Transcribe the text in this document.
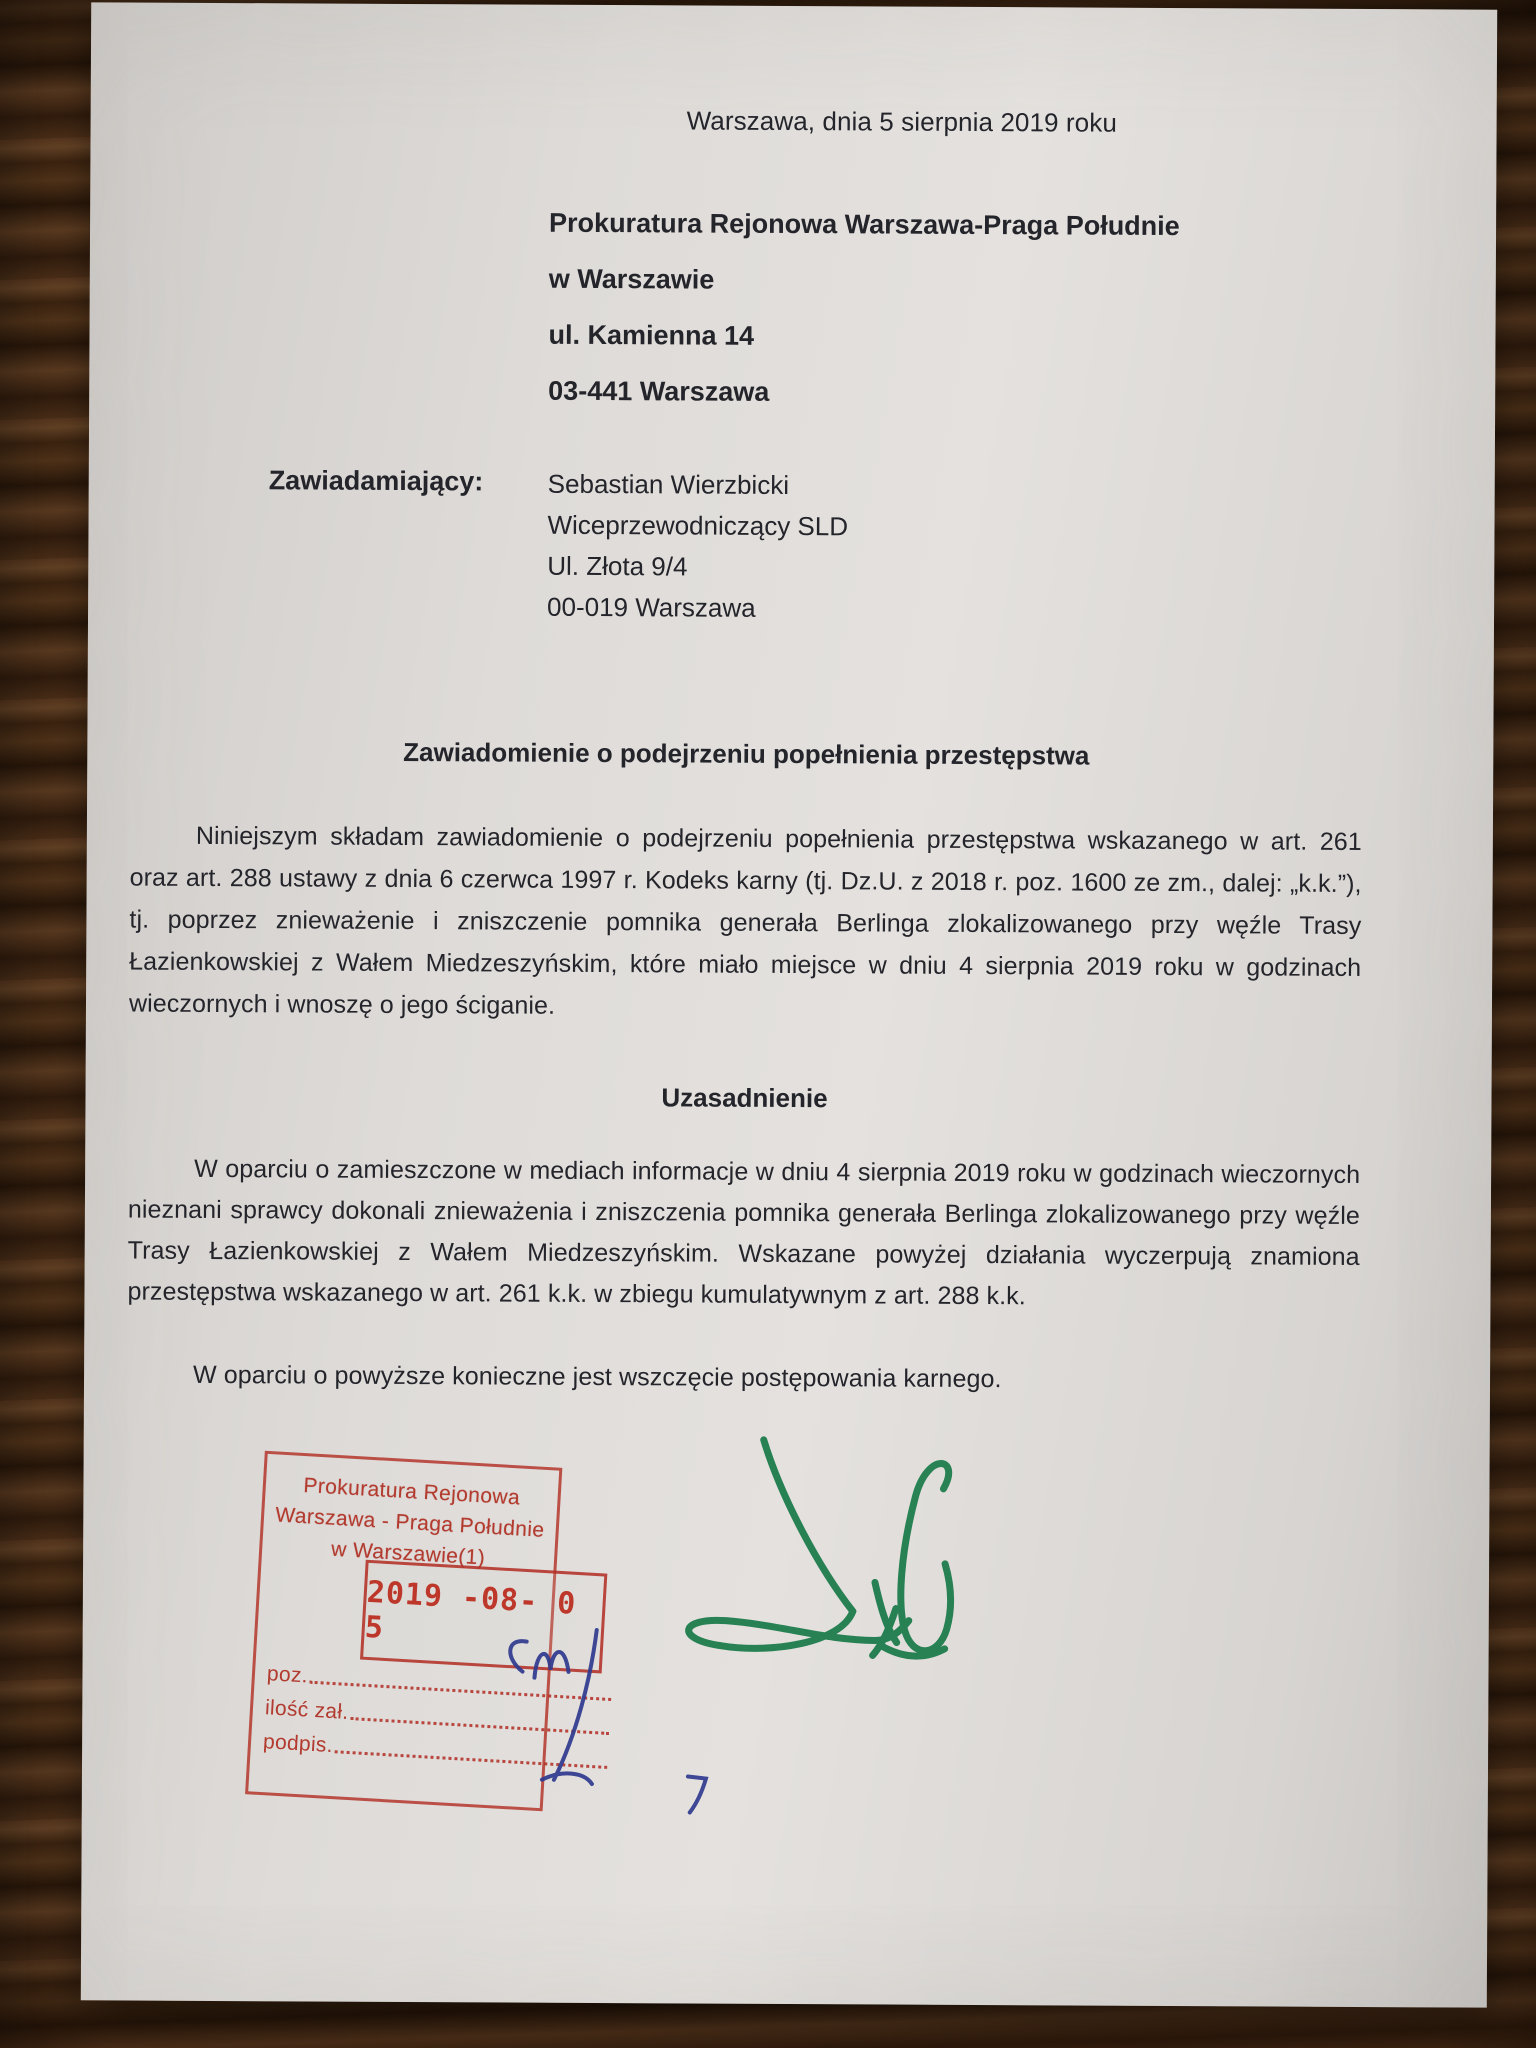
Warszawa, dnia 5 sierpnia 2019 roku
Prokuratura Rejonowa Warszawa-Praga Południe
w Warszawie
ul. Kamienna 14
03-441 Warszawa
Zawiadamiający: Sebastian Wierzbicki
Wiceprzewodniczący SLD
Ul. Złota 9/4
00-019 Warszawa
Zawiadomienie o podejrzeniu popełnienia przestępstwa

Niniejszym składam zawiadomienie o podejrzeniu popełnienia przestępstwa wskazanego w art. 261 oraz art. 288 ustawy z dnia 6 czerwca 1997 r. Kodeks karny (tj. Dz.U. z 2018 r. poz. 1600 ze zm., dalej: „k.k.”), tj. poprzez znieważenie i zniszczenie pomnika generała Berlinga zlokalizowanego przy węźle Trasy Łazienkowskiej z Wałem Miedzeszyńskim, które miało miejsce w dniu 4 sierpnia 2019 roku w godzinach wieczornych i wnoszę o jego ściganie.

Uzasadnienie

W oparciu o zamieszczone w mediach informacje w dniu 4 sierpnia 2019 roku w godzinach wieczornych nieznani sprawcy dokonali znieważenia i zniszczenia pomnika generała Berlinga zlokalizowanego przy węźle Trasy Łazienkowskiej z Wałem Miedzeszyńskim. Wskazane powyżej działania wyczerpują znamiona przestępstwa wskazanego w art. 261 k.k. w zbiegu kumulatywnym z art. 288 k.k.

W oparciu o powyższe konieczne jest wszczęcie postępowania karnego.

Prokuratura Rejonowa
Warszawa - Praga Południe
w Warszawie(1)
2019 -08- 0 5
poz.
ilość zał.
podpis.
